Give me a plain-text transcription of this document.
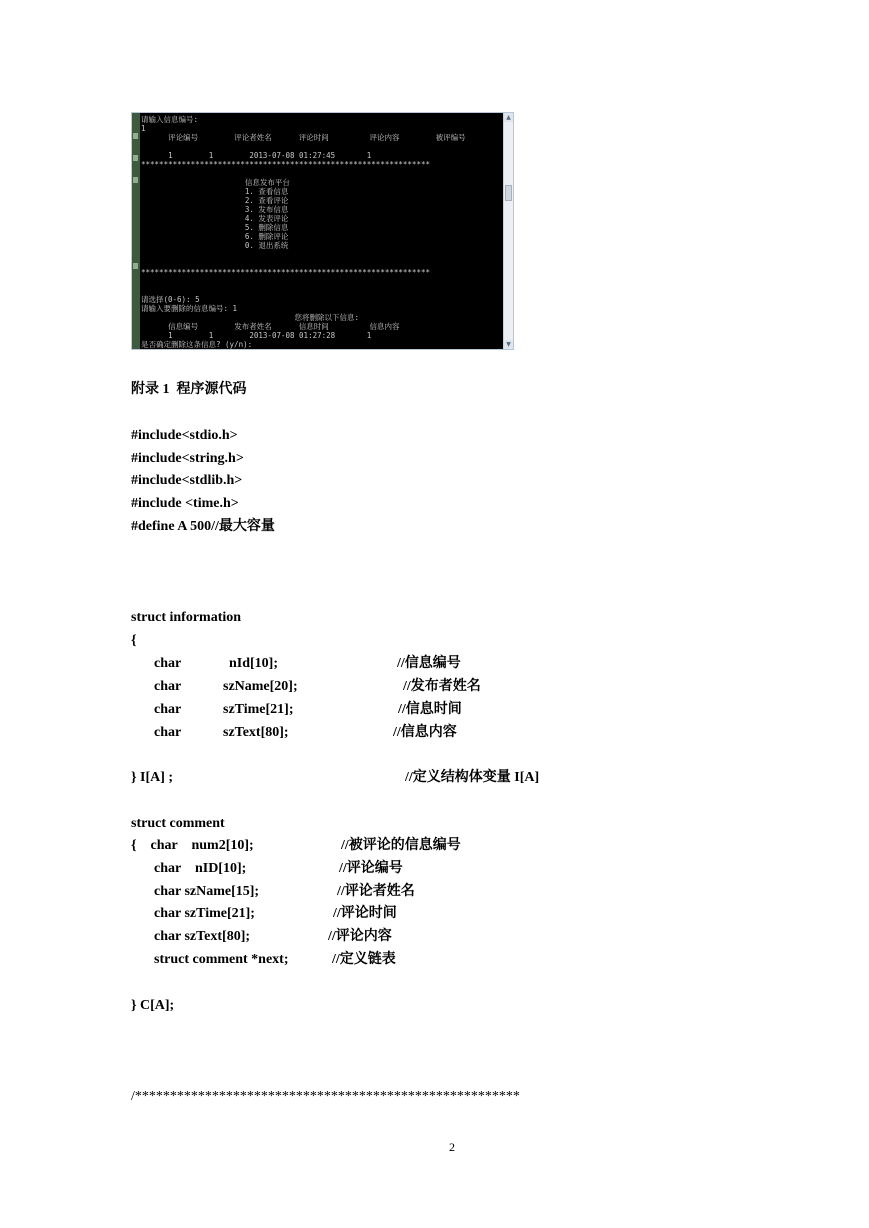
请输入信息编号:
1
评论编号        评论者姓名      评论时间         评论内容        被评编号
1        1        2013-07-08 01:27:45       1
****************************************************************
信息发布平台
1. 查看信息
2. 查看评论
3. 发布信息
4. 发表评论
5. 删除信息
6. 删除评论
0. 退出系统
****************************************************************
请选择(0-6): 5
请输入要删除的信息编号: 1
您将删除以下信息:
信息编号        发布者姓名      信息时间         信息内容
1        1        2013-07-08 01:27:28       1
是否确定删除这条信息? (y/n):
▲
▼
附录 1  程序源代码
#include<stdio.h>
#include<string.h>
#include<stdlib.h>
#include <time.h>
#define A 500//最大容量
struct information
{
char	nId[10];	//信息编号
char	szName[20];	//发布者姓名
char	szTime[21];	//信息时间
char	szText[80];	//信息内容
} I[A] ;	//定义结构体变量 I[A]
struct comment
{    char    num2[10];	//被评论的信息编号
char    nID[10];	//评论编号
char szName[15];	//评论者姓名
char szTime[21];	//评论时间
char szText[80];	//评论内容
struct comment *next;	//定义链表
} C[A];
/*******************************************************
2
